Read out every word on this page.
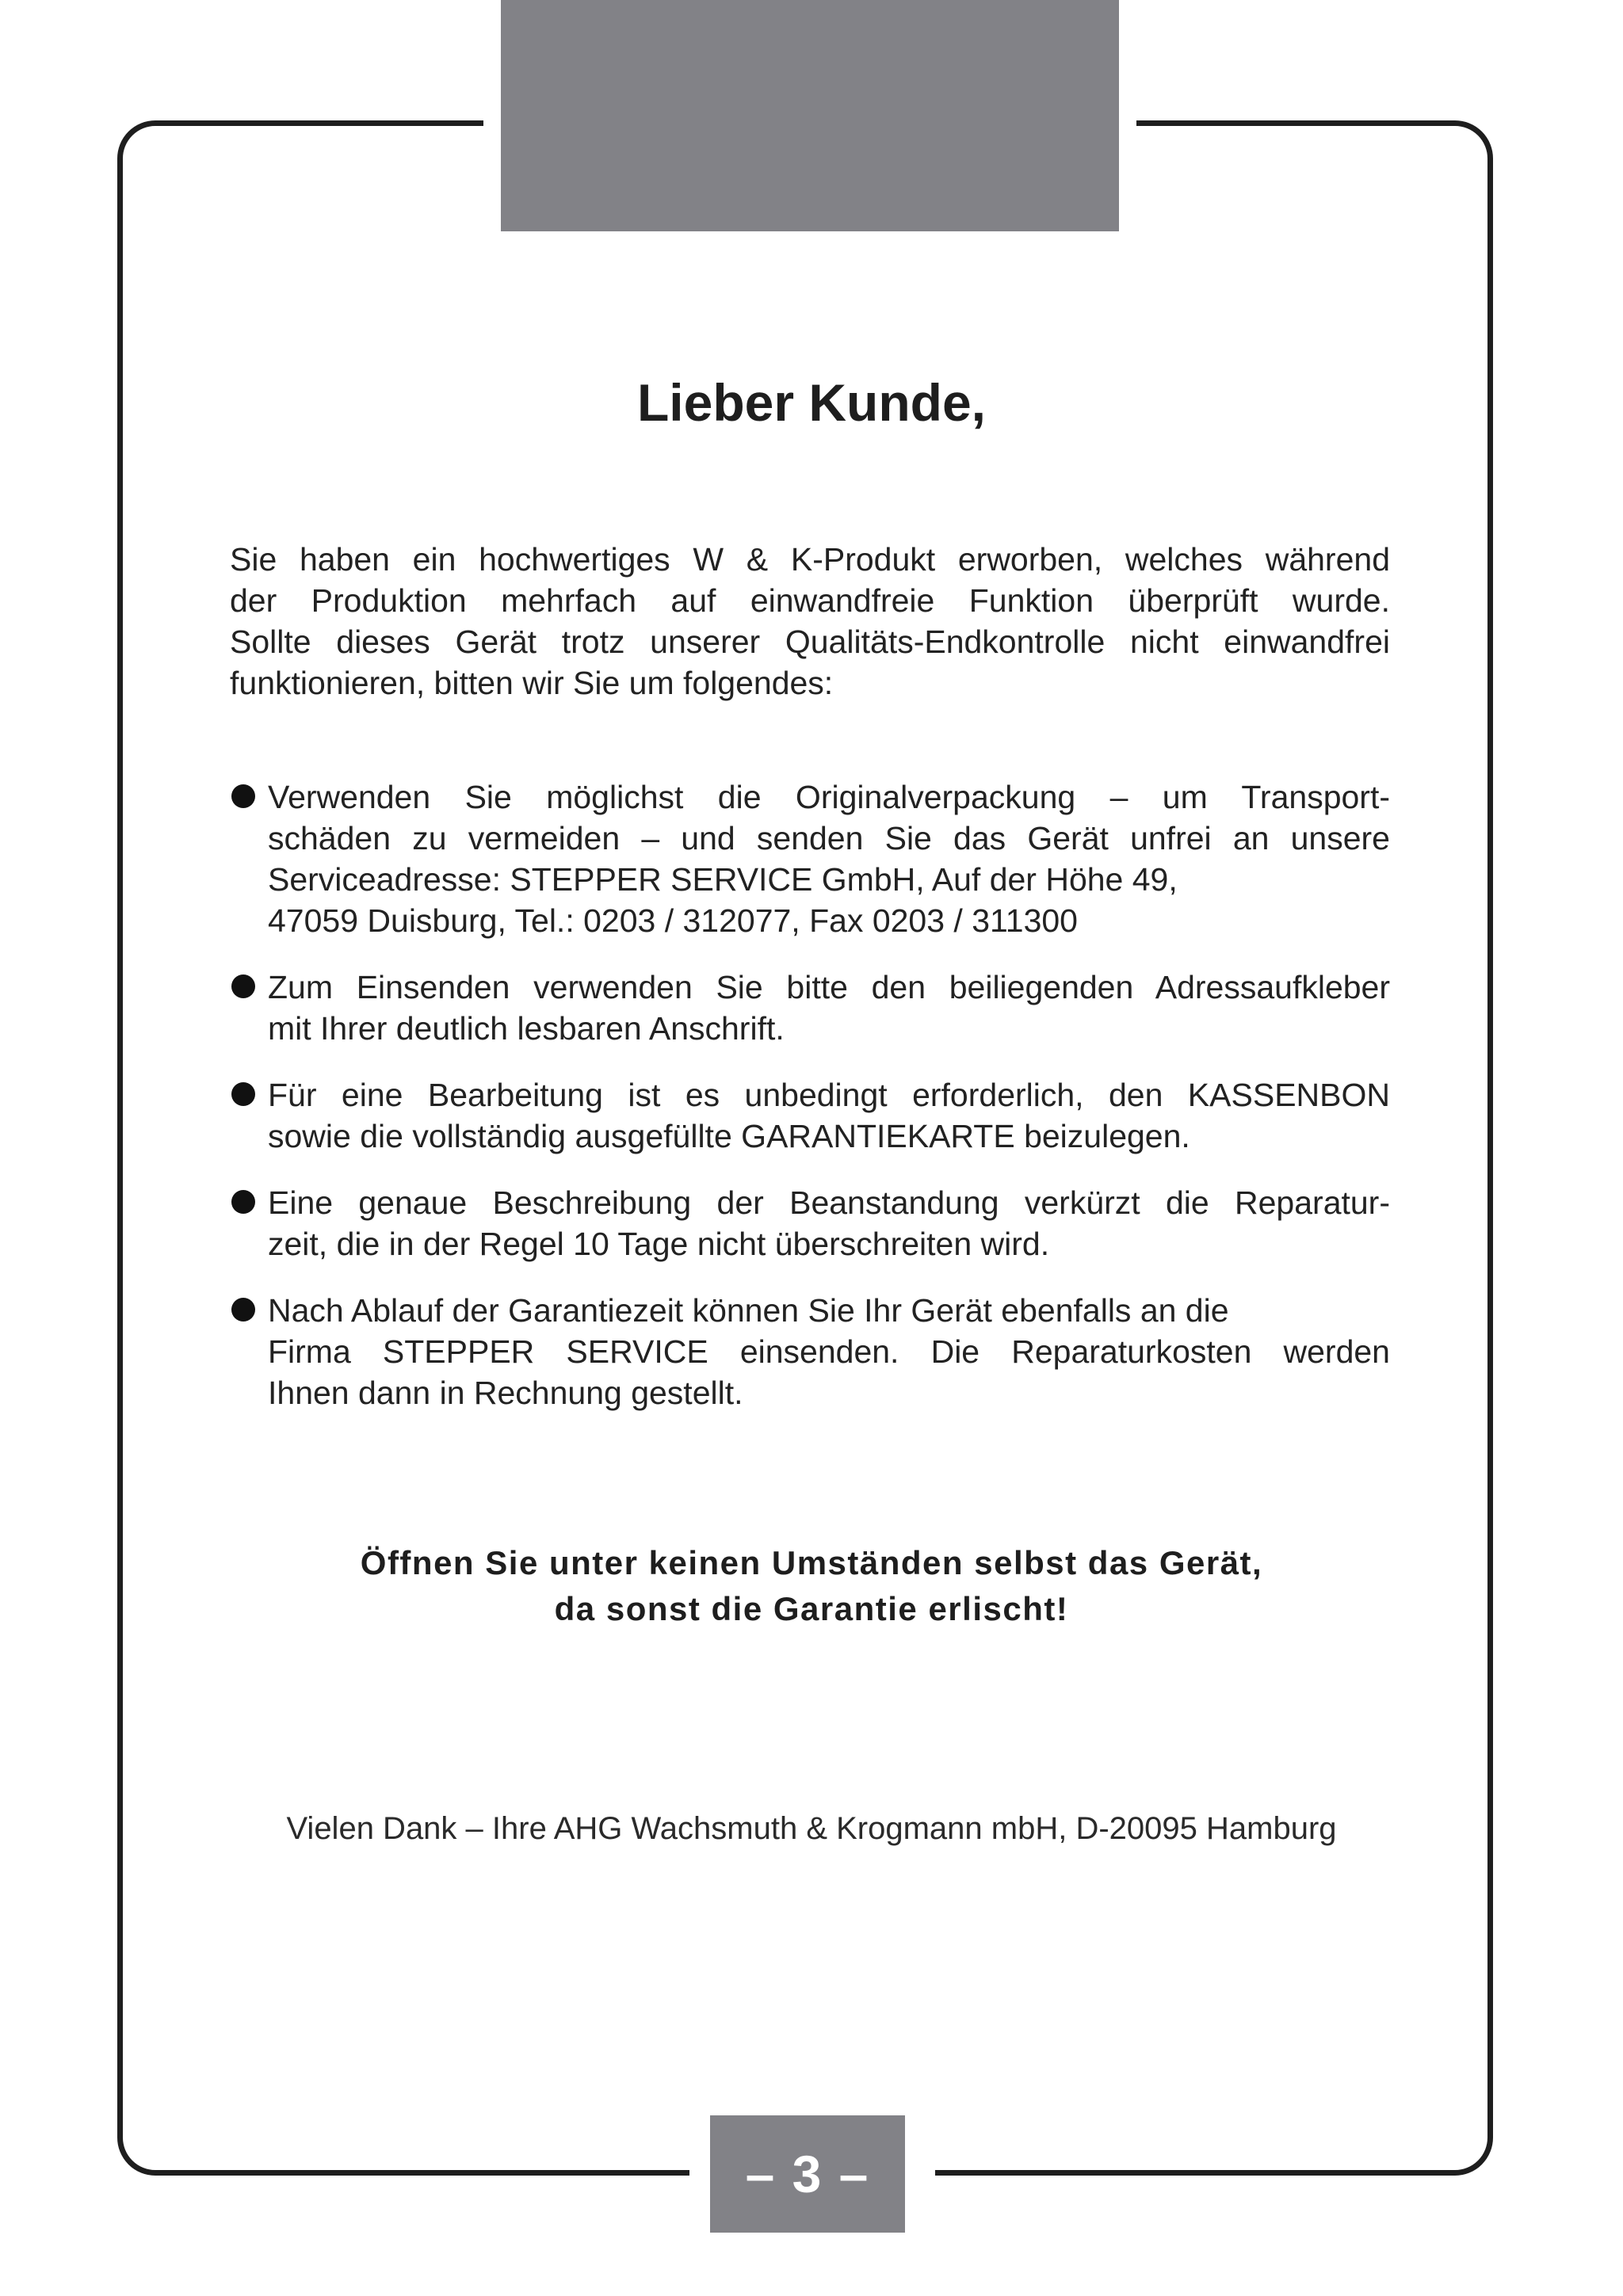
Lieber Kunde,
Sie haben ein hochwertiges W & K-Produkt erworben, welches während
der Produktion mehrfach auf einwandfreie Funktion überprüft wurde.
Sollte dieses Gerät trotz unserer Qualitäts-Endkontrolle nicht einwandfrei
funktionieren, bitten wir Sie um folgendes:
Verwenden Sie möglichst die Originalverpackung – um Transport-
schäden zu vermeiden – und senden Sie das Gerät unfrei an unsere
Serviceadresse: STEPPER SERVICE GmbH, Auf der Höhe 49,
47059 Duisburg, Tel.: 0203 / 312077, Fax 0203 / 311300
Zum Einsenden verwenden Sie bitte den beiliegenden Adressaufkleber
mit Ihrer deutlich lesbaren Anschrift.
Für eine Bearbeitung ist es unbedingt erforderlich, den KASSENBON
sowie die vollständig ausgefüllte GARANTIEKARTE beizulegen.
Eine genaue Beschreibung der Beanstandung verkürzt die Reparatur-
zeit, die in der Regel 10 Tage nicht überschreiten wird.
Nach Ablauf der Garantiezeit können Sie Ihr Gerät ebenfalls an die
Firma STEPPER SERVICE einsenden. Die Reparaturkosten werden
Ihnen dann in Rechnung gestellt.
Öffnen Sie unter keinen Umständen selbst das Gerät,
da sonst die Garantie erlischt!
Vielen Dank – Ihre AHG Wachsmuth & Krogmann mbH, D-20095 Hamburg
– 3 –
